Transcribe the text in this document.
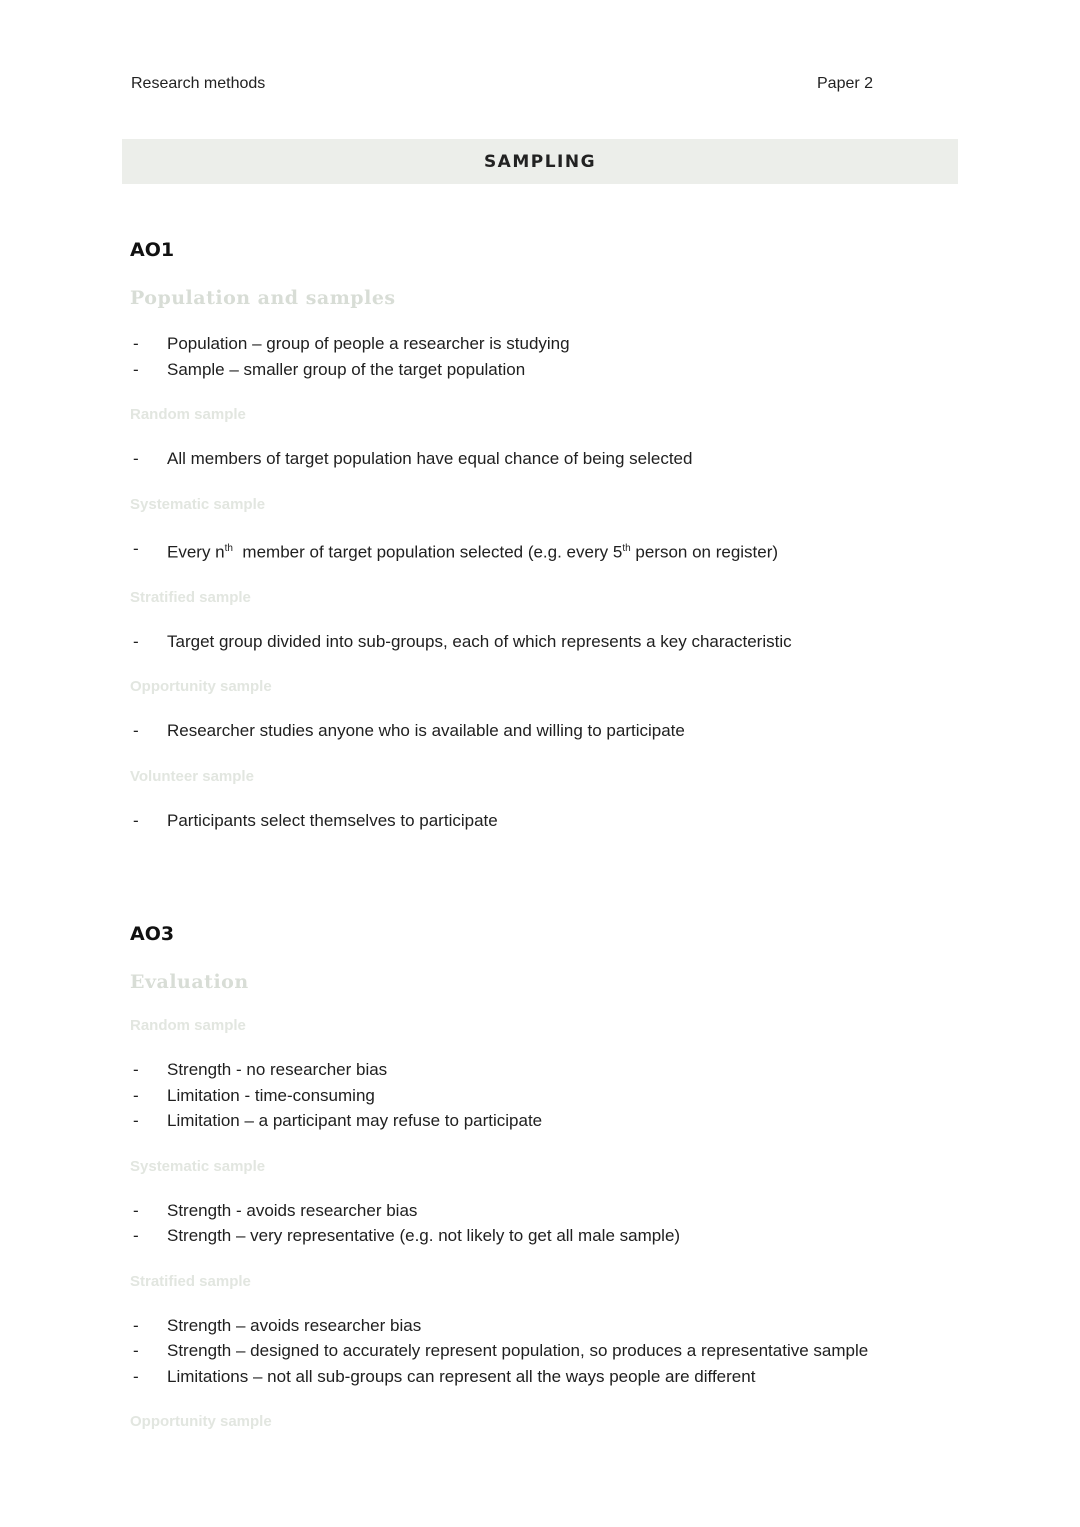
Research methods	Paper 2
SAMPLING
AO1
Population and samples
- Population – group of people a researcher is studying
- Sample – smaller group of the target population
Random sample
- All members of target population have equal chance of being selected
Systematic sample
- Every $n^{th}$  member of target population selected (e.g. every 5th person on register)
Stratified sample
- Target group divided into sub-groups, each of which represents a key characteristic
Opportunity sample
- Researcher studies anyone who is available and willing to participate
Volunteer sample
- Participants select themselves to participate
AO3
Evaluation
Random sample
- Strength - no researcher bias
- Limitation - time-consuming
- Limitation – a participant may refuse to participate
Systematic sample
- Strength - avoids researcher bias
- Strength – very representative (e.g. not likely to get all male sample)
Stratified sample
- Strength – avoids researcher bias
- Strength – designed to accurately represent population, so produces a representative sample
- Limitations – not all sub-groups can represent all the ways people are different
Opportunity sample
